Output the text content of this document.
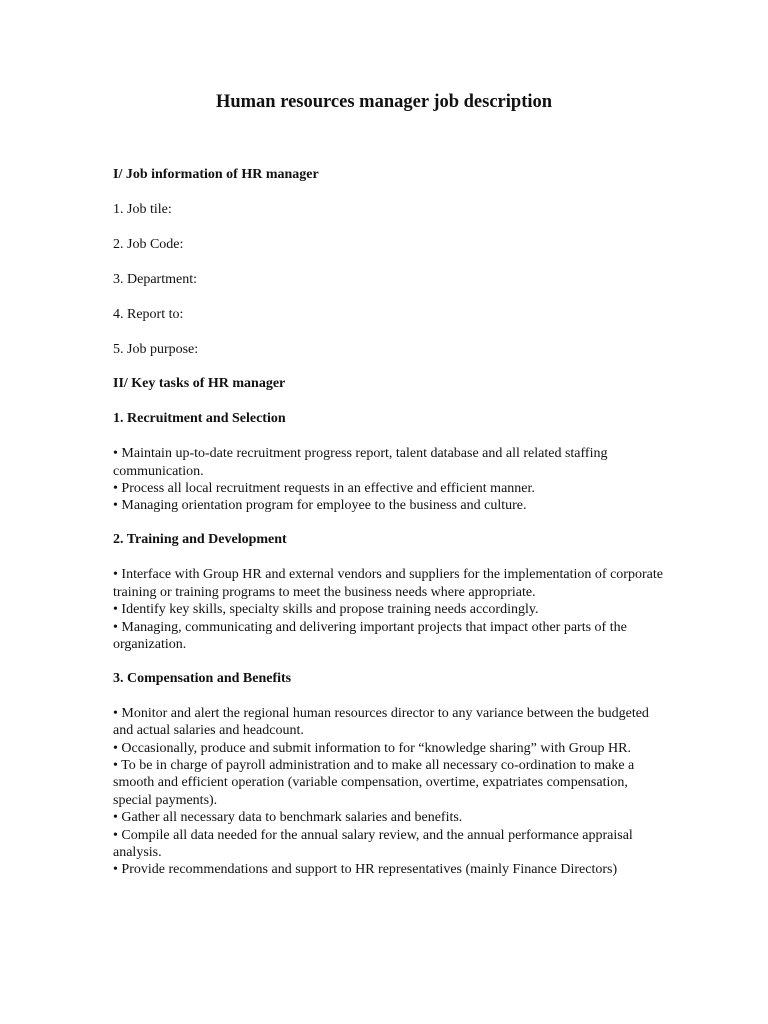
Human resources manager job description

I/ Job information of HR manager

1. Job tile:

2. Job Code:

3. Department:

4. Report to:

5. Job purpose:

II/ Key tasks of HR manager

1. Recruitment and Selection

• Maintain up-to-date recruitment progress report, talent database and all related staffing communication.
• Process all local recruitment requests in an effective and efficient manner.
• Managing orientation program for employee to the business and culture.

2. Training and Development

• Interface with Group HR and external vendors and suppliers for the implementation of corporate training or training programs to meet the business needs where appropriate.
• Identify key skills, specialty skills and propose training needs accordingly.
• Managing, communicating and delivering important projects that impact other parts of the organization.

3. Compensation and Benefits

• Monitor and alert the regional human resources director to any variance between the budgeted and actual salaries and headcount.
• Occasionally, produce and submit information to for “knowledge sharing” with Group HR.
• To be in charge of payroll administration and to make all necessary co-ordination to make a smooth and efficient operation (variable compensation, overtime, expatriates compensation, special payments).
• Gather all necessary data to benchmark salaries and benefits.
• Compile all data needed for the annual salary review, and the annual performance appraisal analysis.
• Provide recommendations and support to HR representatives (mainly Finance Directors)
